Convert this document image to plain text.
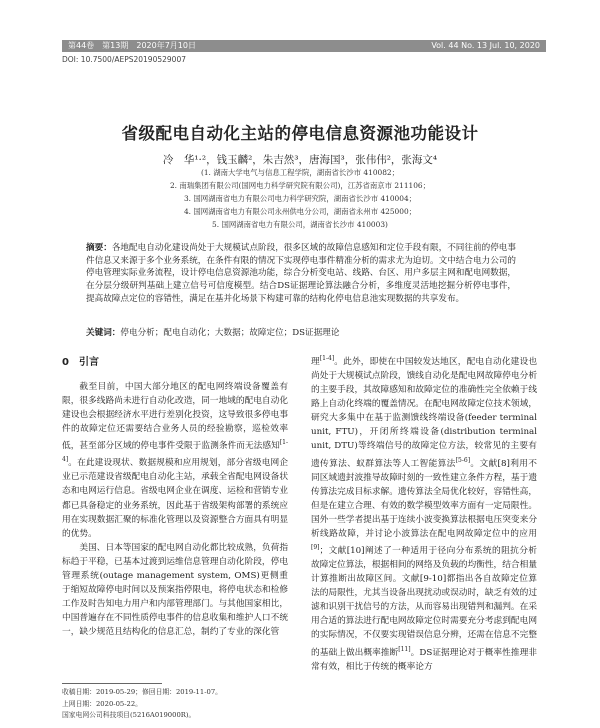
第44卷　第13期　2020年7月10日	Vol. 44 No. 13 Jul. 10, 2020
DOI: 10.7500/AEPS20190529007
省级配电自动化主站的停电信息资源池功能设计
冷　华¹·²，钱玉麟²，朱吉然³，唐海国³，张伟伟²，张海文⁴
(1. 湖南大学电气与信息工程学院，湖南省长沙市 410082；
2. 南瑞集团有限公司(国网电力科学研究院有限公司)，江苏省南京市 211106；
3. 国网湖南省电力有限公司电力科学研究院，湖南省长沙市 410004；
4. 国网湖南省电力有限公司永州供电分公司，湖南省永州市 425000；
5. 国网湖南省电力有限公司，湖南省长沙市 410003)
摘要：各地配电自动化建设尚处于大规模试点阶段，很多区域的故障信息感知和定位手段有限，不同往前的停电事件信息又来源于多个业务系统，在条件有限的情况下实现停电事件精准分析的需求尤为迫切。文中结合电力公司的停电管理实际业务流程，设计停电信息资源池功能，综合分析变电站、线路、台区、用户多层主网和配电网数据，在分层分级研判基础上建立信号可信度模型。结合DS证据理论算法融合分析，多维度灵活地挖掘分析停电事件，提高故障点定位的容错性，满足在基并化场景下构建可靠的结构化停电信息池实现数据的共享发布。
关键词：停电分析；配电自动化；大数据；故障定位；DS证据理论
0　引言

截至目前，中国大部分地区的配电网终端设备覆盖有限，很多线路尚未进行自动化改造，同一地域的配电自动化建设也会根据经济水平进行差别化投资，这导致很多停电事件的故障定位还需要结合业务人员的经验勘察，巡检效率低，甚至部分区域的停电事件受限于监测条件而无法感知[1-4]。在此建设现状、数据规模和应用规划，部分省级电网企业已示范建设省级配电自动化主站，承载全省配电网设备状态和电网运行信息。省级电网企业在调度、运检和营销专业都已具备稳定的业务系统，因此基于省级架构部署的系统应用在实现数据汇聚的标准化管理以及资源整合方面具有明显的优势。

美国、日本等国家的配电网自动化都比较成熟，负荷指标趋于平稳，已基本过渡到运维信息管理自动化阶段，停电管理系统(outage management system, OMS)更侧重于缩短故障停电时间以及预案指停限电，将停电状态和检修工作及时告知电力用户和内部管理部门。与其他国家相比，中国普遍存在不同性质停电事件的信息收集和维护人口不统一，缺少规范且结构化的信息汇总，制约了专业的深化管

理[1-4]。此外，即使在中国较发达地区，配电自动化建设也尚处于大规模试点阶段，馈线自动化是配电网故障停电分析的主要手段，其故障感知和故障定位的准确性完全依赖于线路上自动化终端的覆盖情况。在配电网故障定位技术领域，研究大多集中在基于监测馈线终端设备(feeder terminal unit, FTU)，开闭所终端设备(distribution terminal unit, DTU)等终端信号的故障定位方法，较常见的主要有遗传算法、蚁群算法等人工智能算法[5-6]。文献[8]利用不同区域遗封波推导故障时刻的一致性建立条件方程，基于遗传算法完成目标求解。遗传算法全局优化较好，容错性高，但是在建立合理、有效的数学模型效率方面有一定局限性。国外一些学者提出基于连续小波变换算法根据电压突变来分析线路故障，并讨论小波算法在配电网故障定位中的应用[9]；文献[10]阐述了一种适用于径向分布系统的阻抗分析故障定位算法，根据相间的网络及负载的均衡性，结合相量计算推断出故障区间。文献[9-10]都指出各自故障定位算法的局限性，尤其当设备出现扰动或误动时，缺乏有效的过滤和识别干扰信号的方法，从而容易出现错判和漏判。在采用合适的算法进行配电网故障定位时需要充分考虑到配电网的实际情况，不仅要实现错误信息分辨，还需在信息不完整的基础上做出概率推断[11]。DS证据理论对于概率性推理非常有效，相比于传统的概率论方

收稿日期：2019-05-29；修回日期：2019-11-07。
上网日期：2020-05-22。
国家电网公司科技项目(5216A019000R)。
